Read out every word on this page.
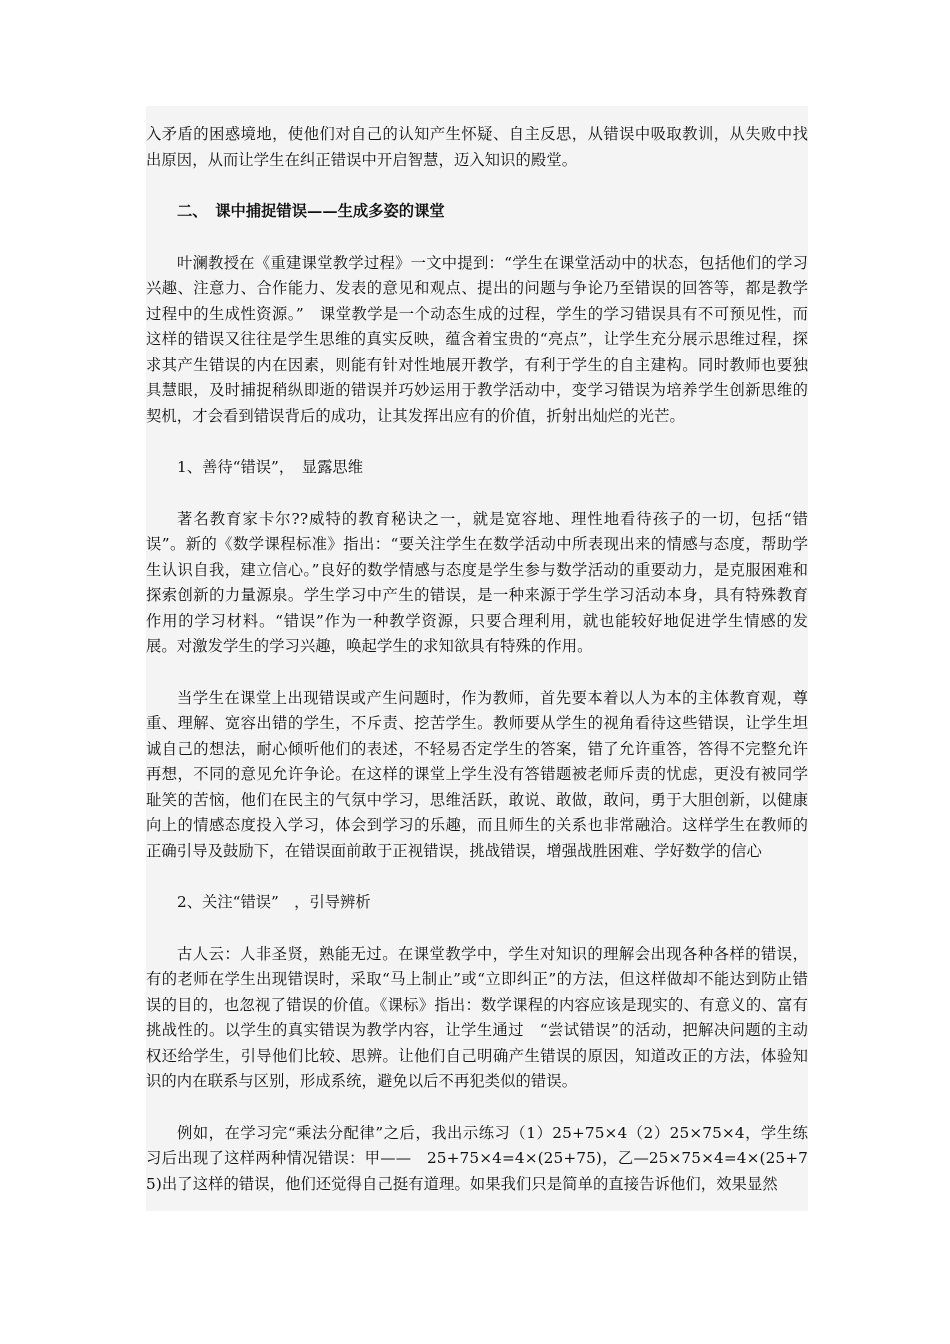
入矛盾的困惑境地，使他们对自己的认知产生怀疑、自主反思，从错误中吸取教训，从失败中找出原因，从而让学生在纠正错误中开启智慧，迈入知识的殿堂。

二、　课中捕捉错误——生成多姿的课堂

叶澜教授在《重建课堂教学过程》一文中提到：“学生在课堂活动中的状态，包括他们的学习兴趣、注意力、合作能力、发表的意见和观点、提出的问题与争论乃至错误的回答等，都是教学过程中的生成性资源。”　课堂教学是一个动态生成的过程，学生的学习错误具有不可预见性，而这样的错误又往往是学生思维的真实反映，蕴含着宝贵的“亮点”，让学生充分展示思维过程，探求其产生错误的内在因素，则能有针对性地展开教学，有利于学生的自主建构。同时教师也要独具慧眼，及时捕捉稍纵即逝的错误并巧妙运用于教学活动中，变学习错误为培养学生创新思维的契机，才会看到错误背后的成功，让其发挥出应有的价值，折射出灿烂的光芒。

1、善待“错误”，　显露思维

著名教育家卡尔??威特的教育秘诀之一，就是宽容地、理性地看待孩子的一切，包括“错误”。新的《数学课程标准》指出：“要关注学生在数学活动中所表现出来的情感与态度，帮助学生认识自我，建立信心。”良好的数学情感与态度是学生参与数学活动的重要动力，是克服困难和探索创新的力量源泉。学生学习中产生的错误，是一种来源于学生学习活动本身，具有特殊教育作用的学习材料。“错误”作为一种教学资源，只要合理利用，就也能较好地促进学生情感的发展。对激发学生的学习兴趣，唤起学生的求知欲具有特殊的作用。

当学生在课堂上出现错误或产生问题时，作为教师，首先要本着以人为本的主体教育观，尊重、理解、宽容出错的学生，不斥责、挖苦学生。教师要从学生的视角看待这些错误，让学生坦诚自己的想法，耐心倾听他们的表述，不轻易否定学生的答案，错了允许重答，答得不完整允许再想，不同的意见允许争论。在这样的课堂上学生没有答错题被老师斥责的忧虑，更没有被同学耻笑的苦恼，他们在民主的气氛中学习，思维活跃，敢说、敢做，敢问，勇于大胆创新，以健康向上的情感态度投入学习，体会到学习的乐趣，而且师生的关系也非常融洽。这样学生在教师的正确引导及鼓励下，在错误面前敢于正视错误，挑战错误，增强战胜困难、学好数学的信心

2、关注“错误”　，引导辨析

古人云：人非圣贤，熟能无过。在课堂教学中，学生对知识的理解会出现各种各样的错误，有的老师在学生出现错误时，采取“马上制止”或“立即纠正”的方法，但这样做却不能达到防止错误的目的，也忽视了错误的价值。《课标》指出：数学课程的内容应该是现实的、有意义的、富有挑战性的。以学生的真实错误为教学内容，让学生通过　“尝试错误”的活动，把解决问题的主动权还给学生，引导他们比较、思辨。让他们自己明确产生错误的原因，知道改正的方法，体验知识的内在联系与区别，形成系统，避免以后不再犯类似的错误。

例如，在学习完“乘法分配律”之后，我出示练习（1）25+75×4（2）25×75×4，学生练习后出现了这样两种情况错误：甲——　25+75×4=4×(25+75)，乙—25×75×4=4×(25+75)出了这样的错误，他们还觉得自己挺有道理。如果我们只是简单的直接告诉他们，效果显然
